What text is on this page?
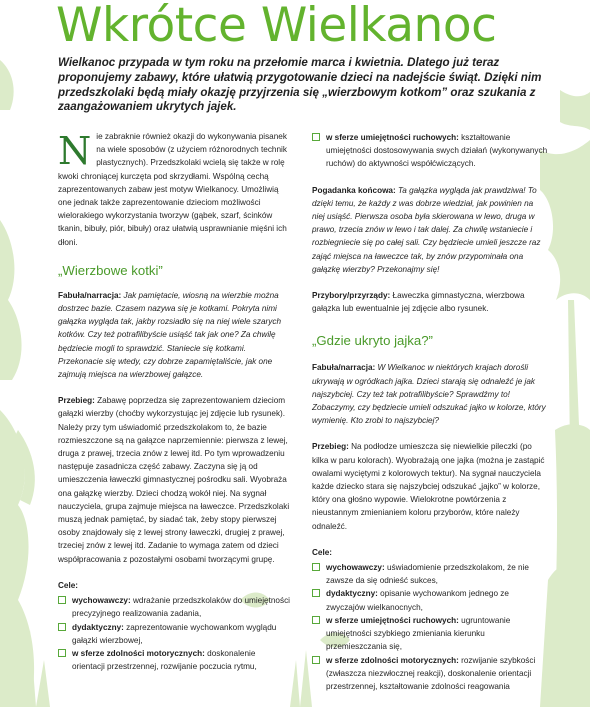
Wkrótce Wielkanoc

Wielkanoc przypada w tym roku na przełomie marca i kwietnia. Dlatego już teraz proponujemy zabawy, które ułatwią przygotowanie dzieci na nadejście świąt. Dzięki nim przedszkolaki będą miały okazję przyjrzenia się „wierzbowym kotkom” oraz szukania z zaangażowaniem ukrytych jajek.

Nie zabraknie również okazji do wykonywania pisanek na wiele sposobów (z użyciem różnorodnych technik plastycznych). Przedszkolaki wcielą się także w rolę kwoki chroniącej kurczęta pod skrzydłami. Wspólną cechą zaprezentowanych zabaw jest motyw Wielkanocy. Umożliwią one jednak także zaprezentowanie dzieciom możliwości wielorakiego wykorzystania tworzyw (gąbek, szarf, ścinków tkanin, bibuły, piór, bibuły) oraz ułatwią usprawnianie mięśni ich dłoni.

„Wierzbowe kotki”

Fabuła/narracja: Jak pamiętacie, wiosną na wierzbie można dostrzec bazie. Czasem nazywa się je kotkami. Pokryta nimi gałązka wygląda tak, jakby rozsiadło się na niej wiele szarych kotków. Czy też potrafilibyście usiąść tak jak one? Za chwilę będziecie mogli to sprawdzić. Staniecie się kotkami. Przekonacie się wtedy, czy dobrze zapamiętaliście, jak one zajmują miejsca na wierzbowej gałązce.

Przebieg: Zabawę poprzedza się zaprezentowaniem dzieciom gałązki wierzby (choćby wykorzystując jej zdjęcie lub rysunek). Należy przy tym uświadomić przedszkolakom to, że bazie rozmieszczone są na gałązce naprzemiennie: pierwsza z lewej, druga z prawej, trzecia znów z lewej itd. Po tym wprowadzeniu następuje zasadnicza część zabawy. Zaczyna się ją od umieszczenia ławeczki gimnastycznej pośrodku sali. Wyobraża ona gałązkę wierzby. Dzieci chodzą wokół niej. Na sygnał nauczyciela, grupa zajmuje miejsca na ławeczce. Przedszkolaki muszą jednak pamiętać, by siadać tak, żeby stopy pierwszej osoby znajdowały się z lewej strony ławeczki, drugiej z prawej, trzeciej znów z lewej itd. Zadanie to wymaga zatem od dzieci współpracowania z pozostałymi osobami tworzącymi grupę.

Cele:

wychowawczy: wdrażanie przedszkolaków do umiejętności precyzyjnego realizowania zadania,
dydaktyczny: zaprezentowanie wychowankom wyglądu gałązki wierzbowej,
w sferze zdolności motorycznych: doskonalenie orientacji przestrzennej, rozwijanie poczucia rytmu,
w sferze umiejętności ruchowych: kształtowanie umiejętności dostosowywania swych działań (wykonywanych ruchów) do aktywności współćwiczących.

Pogadanka końcowa: Ta gałązka wygląda jak prawdziwa! To dzięki temu, że każdy z was dobrze wiedział, jak powinien na niej usiąść. Pierwsza osoba była skierowana w lewo, druga w prawo, trzecia znów w lewo i tak dalej. Za chwilę wstaniecie i rozbiegniecie się po całej sali. Czy będziecie umieli jeszcze raz zająć miejsca na ławeczce tak, by znów przypominała ona gałązkę wierzby? Przekonajmy się!

Przybory/przyrządy: Ławeczka gimnastyczna, wierzbowa gałązka lub ewentualnie jej zdjęcie albo rysunek.

„Gdzie ukryto jajka?”

Fabuła/narracja: W Wielkanoc w niektórych krajach dorośli ukrywają w ogródkach jajka. Dzieci starają się odnaleźć je jak najszybciej. Czy też tak potrafilibyście? Sprawdźmy to! Zobaczymy, czy będziecie umieli odszukać jajko w kolorze, który wymienię. Kto zrobi to najszybciej?

Przebieg: Na podłodze umieszcza się niewielkie pileczki (po kilka w paru kolorach). Wyobrażają one jajka (można je zastąpić owalami wyciętymi z kolorowych tektur). Na sygnał nauczyciela każde dziecko stara się najszybciej odszukać „jajko” w kolorze, który ona głośno wypowie. Wielokrotne powtórzenia z nieustannym zmienianiem koloru przyborów, które należy odnaleźć.

Cele:

wychowawczy: uświadomienie przedszkolakom, że nie zawsze da się odnieść sukces,
dydaktyczny: opisanie wychowankom jednego ze zwyczajów wielkanocnych,
w sferze umiejętności ruchowych: ugruntowanie umiejętności szybkiego zmieniania kierunku przemieszczania się,
w sferze zdolności motorycznych: rozwijanie szybkości (zwłaszcza niezwłocznej reakcji), doskonalenie orientacji przestrzennej, kształtowanie zdolności reagowania
